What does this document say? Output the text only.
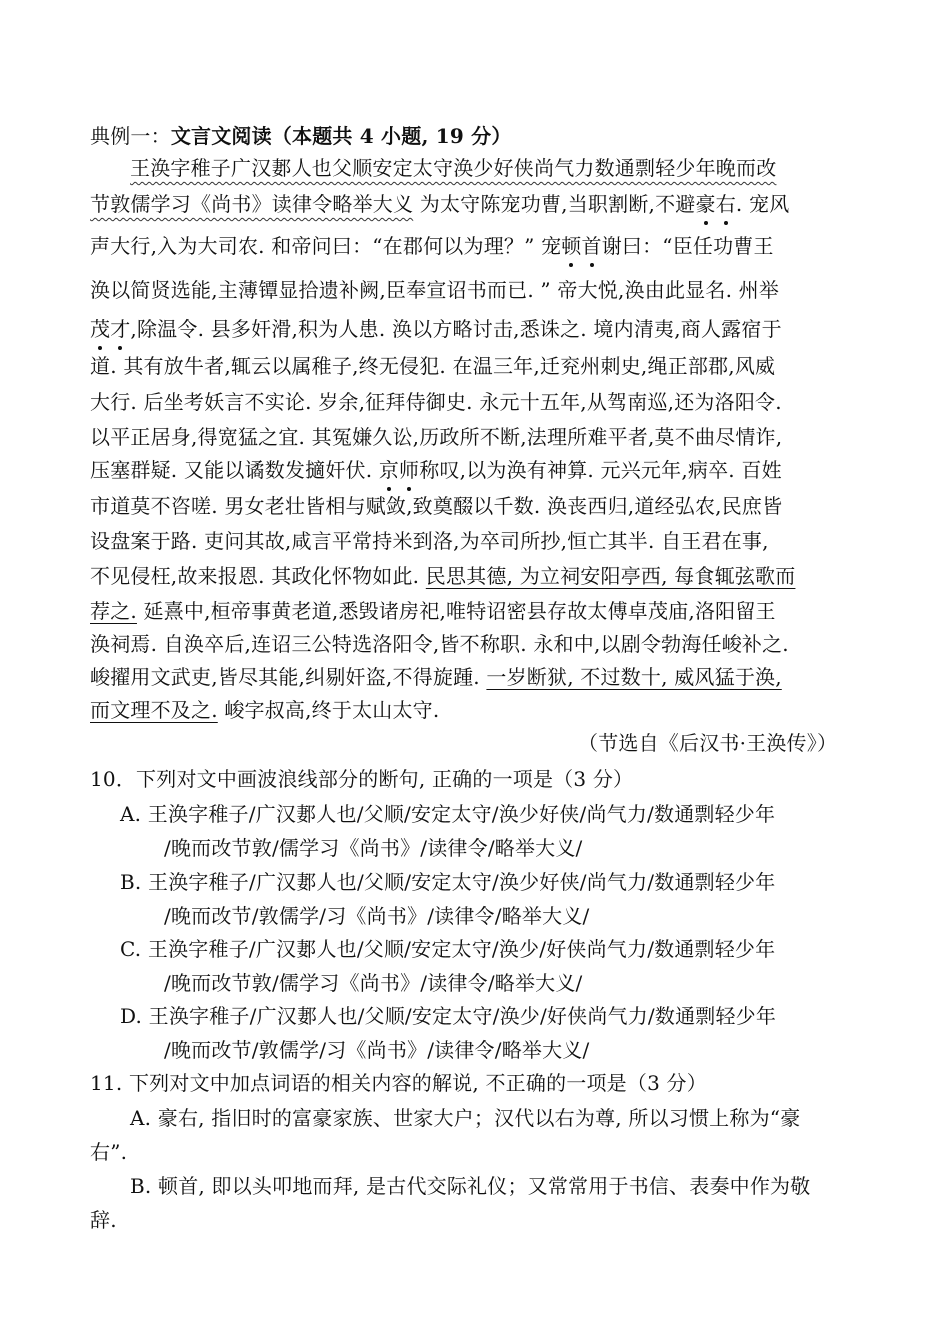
典例一：文言文阅读（本题共 4 小题, 19 分）
王涣字稚子广汉郪人也父顺安定太守涣少好侠尚气力数通剽轻少年晚而改
节敦儒学习《尚书》读律令略举大义 为太守陈宠功曹,当职割断,不避豪右. 宠风
声大行,入为大司农. 和帝问曰：“在郡何以为理？” 宠顿首谢曰：“臣任功曹王
涣以简贤选能,主薄镡显拾遗补阙,臣奉宣诏书而已. ” 帝大悦,涣由此显名. 州举
茂才,除温令. 县多奸滑,积为人患. 涣以方略讨击,悉诛之. 境内清夷,商人露宿于
道. 其有放牛者,辄云以属稚子,终无侵犯. 在温三年,迁兖州刺史,绳正部郡,风威
大行. 后坐考妖言不实论. 岁余,征拜侍御史. 永元十五年,从驾南巡,还为洛阳令.
以平正居身,得宽猛之宜. 其冤嫌久讼,历政所不断,法理所难平者,莫不曲尽情诈,
压塞群疑. 又能以谲数发擿奸伏. 京师称叹,以为涣有神算. 元兴元年,病卒. 百姓
市道莫不咨嗟. 男女老壮皆相与赋敛,致奠醊以千数. 涣丧西归,道经弘农,民庶皆
设盘案于路. 吏问其故,咸言平常持米到洛,为卒司所抄,恒亡其半. 自王君在事,
不见侵枉,故来报恩. 其政化怀物如此. 民思其德, 为立祠安阳亭西, 每食辄弦歌而
荐之. 延熹中,桓帝事黄老道,悉毁诸房祀,唯特诏密县存故太傅卓茂庙,洛阳留王
涣祠焉. 自涣卒后,连诏三公特选洛阳令,皆不称职. 永和中,以剧令勃海任峻补之.
峻擢用文武吏,皆尽其能,纠剔奸盗,不得旋踵. 一岁断狱, 不过数十, 威风猛于涣,
而文理不及之. 峻字叔高,终于太山太守.
（节选自《后汉书·王涣传》）
10．下列对文中画波浪线部分的断句, 正确的一项是（3 分）
A. 王涣字稚子/广汉郪人也/父顺/安定太守/涣少好侠/尚气力/数通剽轻少年
/晚而改节敦/儒学习《尚书》/读律令/略举大义/
B. 王涣字稚子/广汉郪人也/父顺/安定太守/涣少好侠/尚气力/数通剽轻少年
/晚而改节/敦儒学/习《尚书》/读律令/略举大义/
C. 王涣字稚子/广汉郪人也/父顺/安定太守/涣少/好侠尚气力/数通剽轻少年
/晚而改节敦/儒学习《尚书》/读律令/略举大义/
D. 王涣字稚子/广汉郪人也/父顺/安定太守/涣少/好侠尚气力/数通剽轻少年
/晚而改节/敦儒学/习《尚书》/读律令/略举大义/
11. 下列对文中加点词语的相关内容的解说, 不正确的一项是（3 分）
A. 豪右, 指旧时的富豪家族、世家大户；汉代以右为尊, 所以习惯上称为“豪
右”.
B. 顿首, 即以头叩地而拜, 是古代交际礼仪；又常常用于书信、表奏中作为敬
辞.
